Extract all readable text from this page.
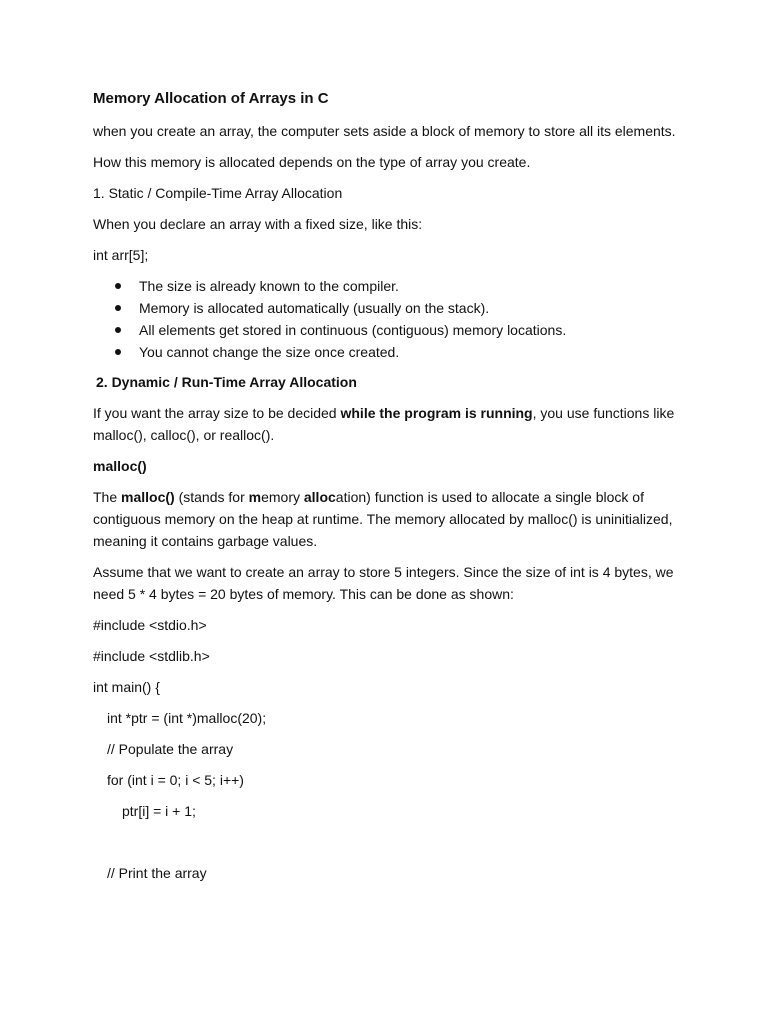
Memory Allocation of Arrays in C

when you create an array, the computer sets aside a block of memory to store all its elements.

How this memory is allocated depends on the type of array you create.

1. Static / Compile-Time Array Allocation

When you declare an array with a fixed size, like this:

int arr[5];

The size is already known to the compiler.
Memory is allocated automatically (usually on the stack).
All elements get stored in continuous (contiguous) memory locations.
You cannot change the size once created.

2. Dynamic / Run-Time Array Allocation

If you want the array size to be decided while the program is running, you use functions like malloc(), calloc(), or realloc().

malloc()

The malloc() (stands for memory allocation) function is used to allocate a single block of contiguous memory on the heap at runtime. The memory allocated by malloc() is uninitialized, meaning it contains garbage values.

Assume that we want to create an array to store 5 integers. Since the size of int is 4 bytes, we need 5 * 4 bytes = 20 bytes of memory. This can be done as shown:

#include <stdio.h>

#include <stdlib.h>

int main() {

int *ptr = (int *)malloc(20);

// Populate the array

for (int i = 0; i < 5; i++)

ptr[i] = i + 1;

// Print the array
